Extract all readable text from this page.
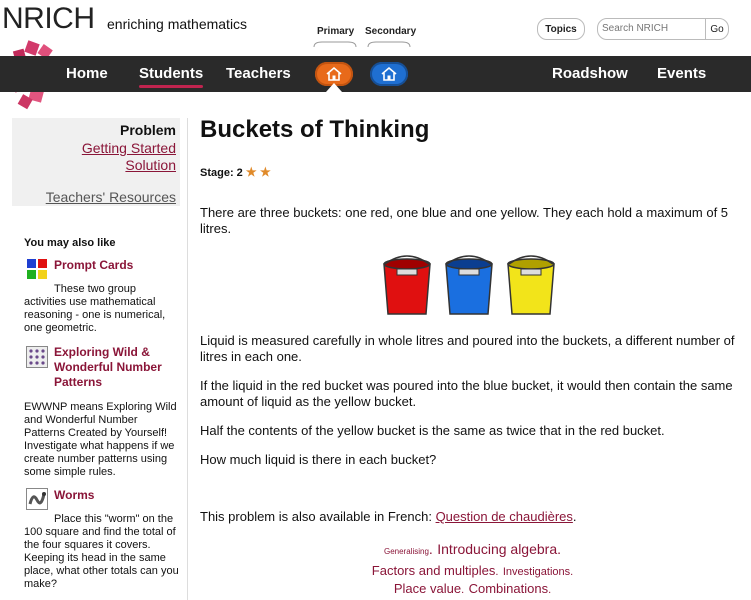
NRICH enriching mathematics	Primary Secondary	Topics
Search NRICH	Go
Home Students Teachers	Roadshow Events
Problem
Getting Started
Solution
Teachers' Resources
You may also like
Prompt Cards
These two group activities use mathematical reasoning - one is numerical, one geometric.
Exploring Wild & Wonderful Number Patterns
EWWNP means Exploring Wild and Wonderful Number Patterns Created by Yourself! Investigate what happens if we create number patterns using some simple rules.
Worms
Place this "worm" on the 100 square and find the total of the four squares it covers. Keeping its head in the same place, what other totals can you make?
Buckets of Thinking
Stage: 2 ★ ★
There are three buckets: one red, one blue and one yellow. They each hold a maximum of 5 litres.
Liquid is measured carefully in whole litres and poured into the buckets, a different number of litres in each one.
If the liquid in the red bucket was poured into the blue bucket, it would then contain the same amount of liquid as the yellow bucket.
Half the contents of the yellow bucket is the same as twice that in the red bucket.
How much liquid is there in each bucket?
This problem is also available in French: Question de chaudières.
Generalising. Introducing algebra.
Factors and multiples. Investigations.
Place value. Combinations.
